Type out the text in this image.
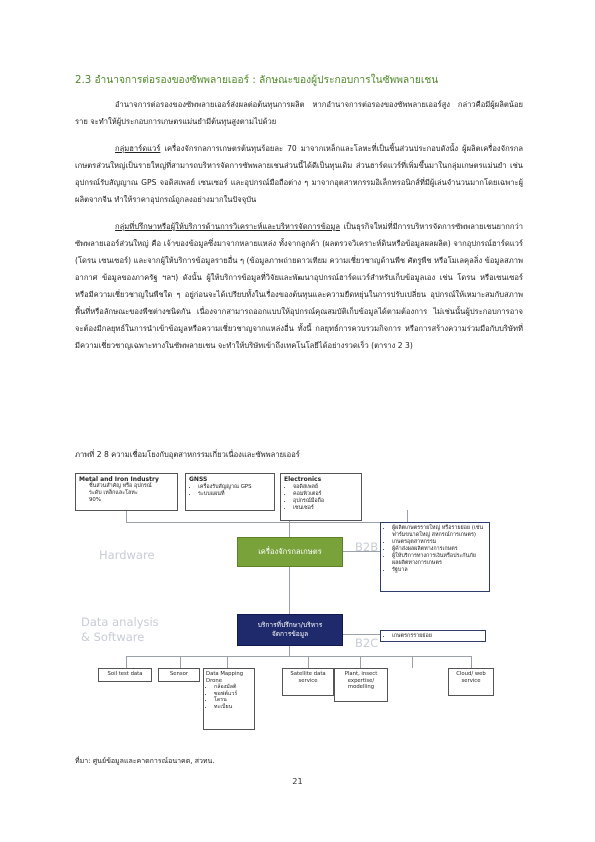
2.3 อำนาจการต่อรองของซัพพลายเออร์ : ลักษณะของผู้ประกอบการในซัพพลายเชน

อำนาจการต่อรองของซัพพลายเออร์ส่งผลต่อต้นทุนการผลิต หากอำนาจการต่อรองของซัพพลายเออร์สูง กล่าวคือมีผู้ผลิตน้อยราย จะทำให้ผู้ประกอบการเกษตรแม่นยำมีต้นทุนสูงตามไปด้วย

กลุ่มฮาร์ดแวร์ เครื่องจักรกลการเกษตรต้นทุนร้อยละ 70 มาจากเหล็กและโลหะที่เป็นชิ้นส่วนประกอบดังนั้ง ผู้ผลิตเครื่องจักรกลเกษตรส่วนใหญ่เป็นรายใหญ่ที่สามารถบริหารจัดการซัพพลายเชนส่วนนี้ได้ดีเป็นทุนเดิม ส่วนฮาร์ดแวร์ที่เพิ่มขึ้นมาในกลุ่มเกษตรแม่นยำ เช่น อุปกรณ์รับสัญญาณ GPS จอดิสเพลย์ เซนเซอร์ และอุปกรณ์มือถือต่าง ๆ มาจากอุตสาหกรรมอิเล็กทรอนิกส์ที่มีผู้เล่นจำนวนมากโดยเฉพาะผู้ผลิตจากจีน ทำให้ราคาอุปกรณ์ถูกลงอย่างมากในปัจจุบัน

กลุ่มที่ปรึกษาหรือผู้ให้บริการด้านการวิเคราะห์และบริหารจัดการข้อมูล เป็นธุรกิจใหม่ที่มีการบริหารจัดการซัพพลายเชนยากกว่า ซัพพลายเออร์ส่วนใหญ่ คือ เจ้าของข้อมูลซึ่งมาจากหลายแหล่ง ทั้งจากลูกค้า (ผลตรวจวิเคราะห์ดินหรือข้อมูลผลผลิต) จากอุปกรณ์ฮาร์ดแวร์ (โดรน เซนเซอร์) และจากผู้ให้บริการข้อมูลรายอื่น ๆ (ข้อมูลภาพถ่ายดาวเทียม ความเชี่ยวชาญด้านพืช ศัตรูพืช หรือโมเลคุลลิ่ง ข้อมูลสภาพอากาศ ข้อมูลของภาครัฐ ฯลฯ) ดังนั้น ผู้ให้บริการข้อมูลที่วิจัยและพัฒนาอุปกรณ์ฮาร์ดแวร์สำหรับเก็บข้อมูลเอง เช่น โดรน หรือเซนเซอร์ หรือมีความเชี่ยวชาญในพืชใด ๆ อยู่ก่อนจะได้เปรียบทั้งในเรื่องของต้นทุนและความยืดหยุ่นในการปรับเปลี่ยน อุปกรณ์ให้เหมาะสมกับสภาพพื้นที่หรือลักษณะของพืชต่างชนิดกัน เนื่องจากสามารถออกแบบให้อุปกรณ์คุณสมบัติเก็บข้อมูลได้ตามต้องการ ไม่เช่นนั้นผู้ประกอบการอาจจะต้องมีกลยุทธ์ในการนำเข้าข้อมูลหรือความเชี่ยวชาญจากแหล่งอื่น ทั้งนี้ กลยุทธ์การควบรวมกิจการ หรือการสร้างความร่วมมือกับบริษัทที่มีความเชี่ยวชาญเฉพาะทางในซัพพลายเชน จะทำให้บริษัทเข้าถึงเทคโนโลยีได้อย่างรวดเร็ว (ตาราง 2 3)

ภาพที่ 2 8 ความเชื่อมโยงกับอุตสาหกรรมเกี่ยวเนื่องและซัพพลายเออร์
Metal and Iron Industry
ชิ้นส่วนสำคัญ หรือ อุปกรณ์
ระดับ เหล็กและโลหะ
90%
GNSS
• เครื่องรับสัญญาณ GPS
• ระบบแผนที่
Electronics
• จอดิสเพลย์
• คอมพิวเตอร์
• อุปกรณ์มือถือ
• เซนเซอร์
Hardware
Data analysis
& Software
เครื่องจักรกลเกษตร
บริการที่ปรึกษา/บริหาร
จัดการข้อมูล
B2B
B2C
• ผู้ผลิตเกษตรรายใหญ่ หรือรายย่อย (เช่น ฟาร์มขนาดใหญ่ สหกรณ์การเกษตร)
• เกษตรอุตสาหกรรม
• ผู้ค้าส่งผลผลิตทางการเกษตร
• ผู้ให้บริการทางการเงินหรือประกันภัยผลผลิตทางการเกษตร
• รัฐบาล
• เกษตรกรรายย่อย
Soil test data	Sensor	Data Mapping Drone
• กล้องมัลติ
• ซอฟต์แวร์
• โดรน
• ทะเบียน
Satellite data service
Plant, insect expertise/ modelling
Cloud/ web service
ที่มา: ศูนย์ข้อมูลและคาดการณ์อนาคต, สวทน.
21
